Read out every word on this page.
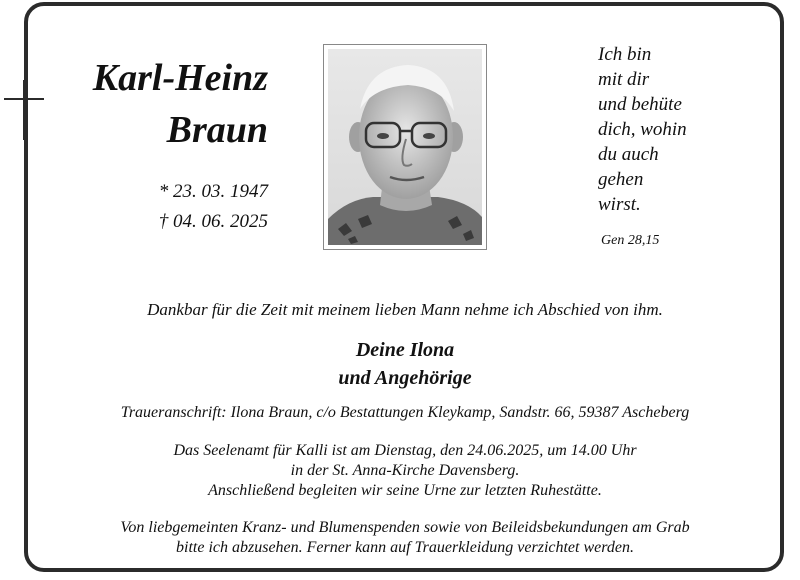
Karl-Heinz
Braun
* 23. 03. 1947
† 04. 06. 2025
Ich bin
mit dir
und behüte
dich, wohin
du auch
gehen
wirst.
Gen 28,15
Dankbar für die Zeit mit meinem lieben Mann nehme ich Abschied von ihm.
Deine Ilona
und Angehörige
Traueranschrift: Ilona Braun, c/o Bestattungen Kleykamp, Sandstr. 66, 59387 Ascheberg
Das Seelenamt für Kalli ist am Dienstag, den 24.06.2025, um 14.00 Uhr
in der St. Anna-Kirche Davensberg.
Anschließend begleiten wir seine Urne zur letzten Ruhestätte.
Von liebgemeinten Kranz- und Blumenspenden sowie von Beileidsbekundungen am Grab
bitte ich abzusehen. Ferner kann auf Trauerkleidung verzichtet werden.
